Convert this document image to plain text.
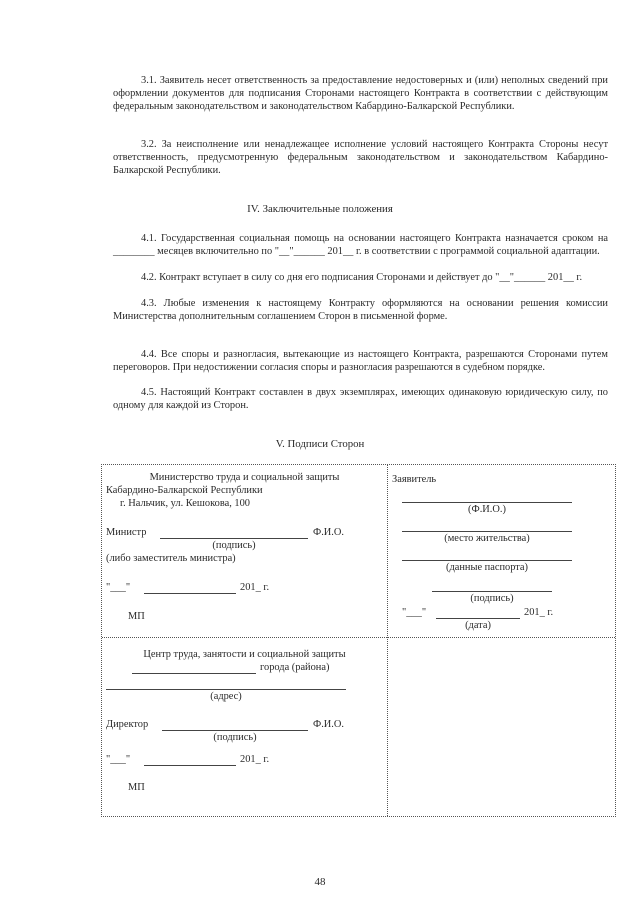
3.1. Заявитель несет ответственность за предоставление недостоверных и (или) неполных сведений при оформлении документов для подписания Сторонами настоящего Контракта в соответствии с действующим федеральным законодательством и законодательством Кабардино-Балкарской Республики.

3.2. За неисполнение или ненадлежащее исполнение условий настоящего Контракта Стороны несут ответственность, предусмотренную федеральным законодательством и законодательством Кабардино-Балкарской Республики.

IV. Заключительные положения

4.1. Государственная социальная помощь на основании настоящего Контракта назначается сроком на ________ месяцев включительно по "__"______ 201__ г. в соответствии с программой социальной адаптации.

4.2. Контракт вступает в силу со дня его подписания Сторонами и действует до "__"______ 201__ г.

4.3. Любые изменения к настоящему Контракту оформляются на основании решения комиссии Министерства дополнительным соглашением Сторон в письменной форме.

4.4. Все споры и разногласия, вытекающие из настоящего Контракта, разрешаются Сторонами путем переговоров. При недостижении согласия споры и разногласия разрешаются в судебном порядке.

4.5. Настоящий Контракт составлен в двух экземплярах, имеющих одинаковую юридическую силу, по одному для каждой из Сторон.

V. Подписи Сторон
Министерство труда и социальной защиты
Кабардино-Балкарской Республики
г. Нальчик, ул. Кешокова, 100
Министр	Ф.И.О.
(подпись)
(либо заместитель министра)
"___"	201_ г.
МП
Заявитель
(Ф.И.О.)
(место жительства)
(данные паспорта)
(подпись)
"___"	201_ г.
(дата)
Центр труда, занятости и социальной защиты
города (района)
(адрес)
Директор	Ф.И.О.
(подпись)
"___"	201_ г.
МП
48
